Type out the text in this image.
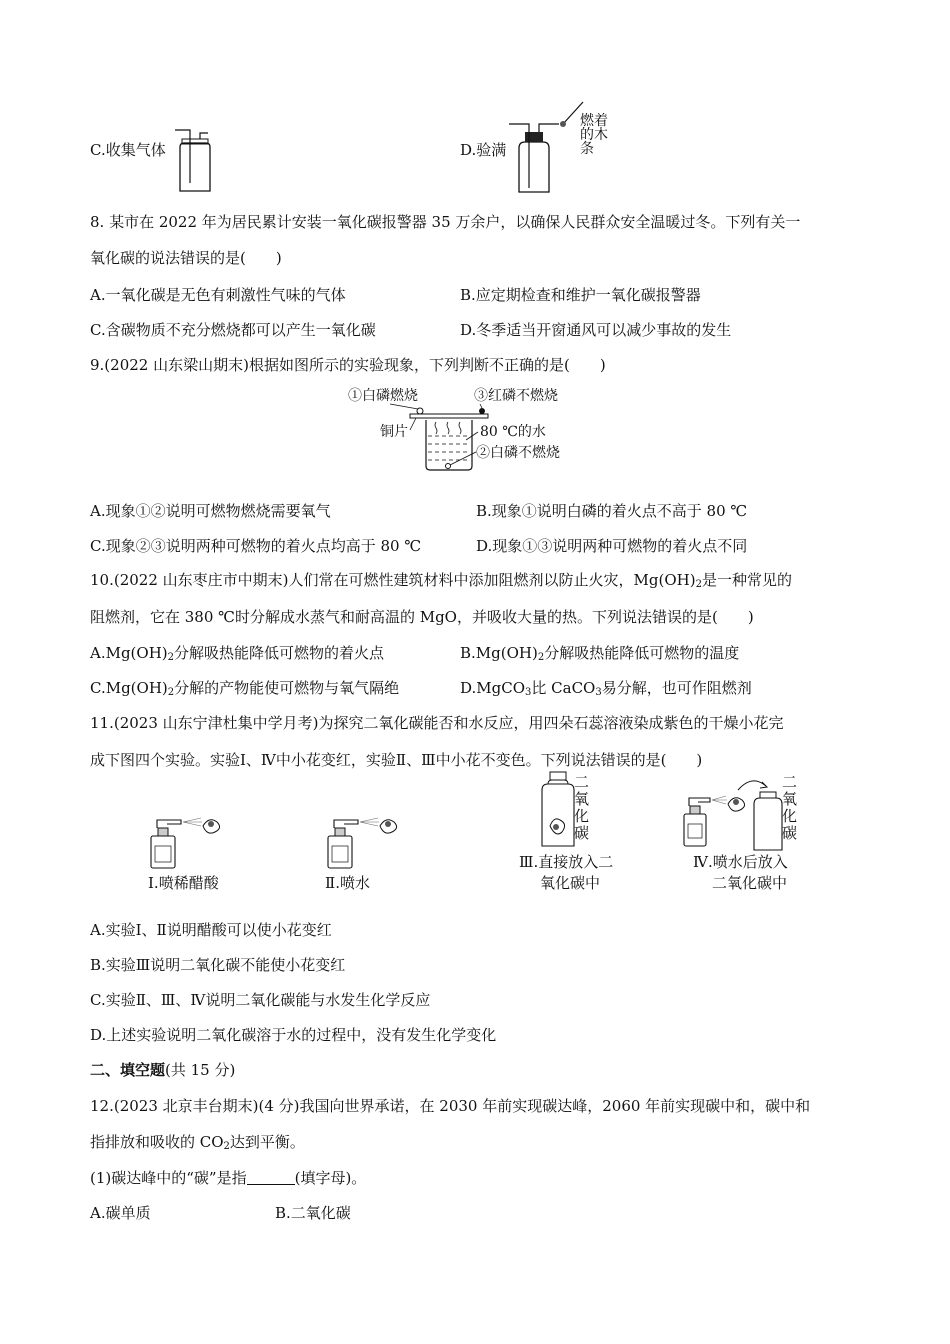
C.收集气体	D.验满
燃着
的木
条
8. 某市在 2022 年为居民累计安装一氧化碳报警器 35 万余户，以确保人民群众安全温暖过冬。下列有关一
氧化碳的说法错误的是(　　)
A.一氧化碳是无色有刺激性气味的气体	B.应定期检查和维护一氧化碳报警器
C.含碳物质不充分燃烧都可以产生一氧化碳	D.冬季适当开窗通风可以减少事故的发生
9.(2022 山东梁山期末)根据如图所示的实验现象，下列判断不正确的是(　　)
①白磷燃烧	③红磷不燃烧
铜片	80 ℃的水
②白磷不燃烧
A.现象①②说明可燃物燃烧需要氧气	B.现象①说明白磷的着火点不高于 80 ℃
C.现象②③说明两种可燃物的着火点均高于 80 ℃	D.现象①③说明两种可燃物的着火点不同
10.(2022 山东枣庄市中期末)人们常在可燃性建筑材料中添加阻燃剂以防止火灾，$Mg(OH)_2$是一种常见的
阻燃剂，它在 380 ℃时分解成水蒸气和耐高温的 MgO，并吸收大量的热。下列说法错误的是(　　)
$A.Mg(OH)_2$分解吸热能降低可燃物的着火点	$B.Mg(OH)_2$分解吸热能降低可燃物的温度
$C.Mg(OH)_2$分解的产物能使可燃物与氧气隔绝	D.MgCO$_3$比 CaCO$_3$易分解，也可作阻燃剂
11.(2023 山东宁津杜集中学月考)为探究二氧化碳能否和水反应，用四朵石蕊溶液染成紫色的干燥小花完
成下图四个实验。实验Ⅰ、Ⅳ中小花变红，实验Ⅱ、Ⅲ中小花不变色。下列说法错误的是(　　)
Ⅰ.喷稀醋酸	Ⅱ.喷水
二
氧
化
碳
Ⅲ.直接放入二
氧化碳中
二
氧
化
碳
Ⅳ.喷水后放入
二氧化碳中
A.实验Ⅰ、Ⅱ说明醋酸可以使小花变红
B.实验Ⅲ说明二氧化碳不能使小花变红
C.实验Ⅱ、Ⅲ、Ⅳ说明二氧化碳能与水发生化学反应
D.上述实验说明二氧化碳溶于水的过程中，没有发生化学变化
二、填空题(共 15 分)
12.(2023 北京丰台期末)(4 分)我国向世界承诺，在 2030 年前实现碳达峰，2060 年前实现碳中和，碳中和
指排放和吸收的 $CO_2$达到平衡。
(1)碳达峰中的“碳”是指	(填字母)。
A.碳单质	B.二氧化碳
